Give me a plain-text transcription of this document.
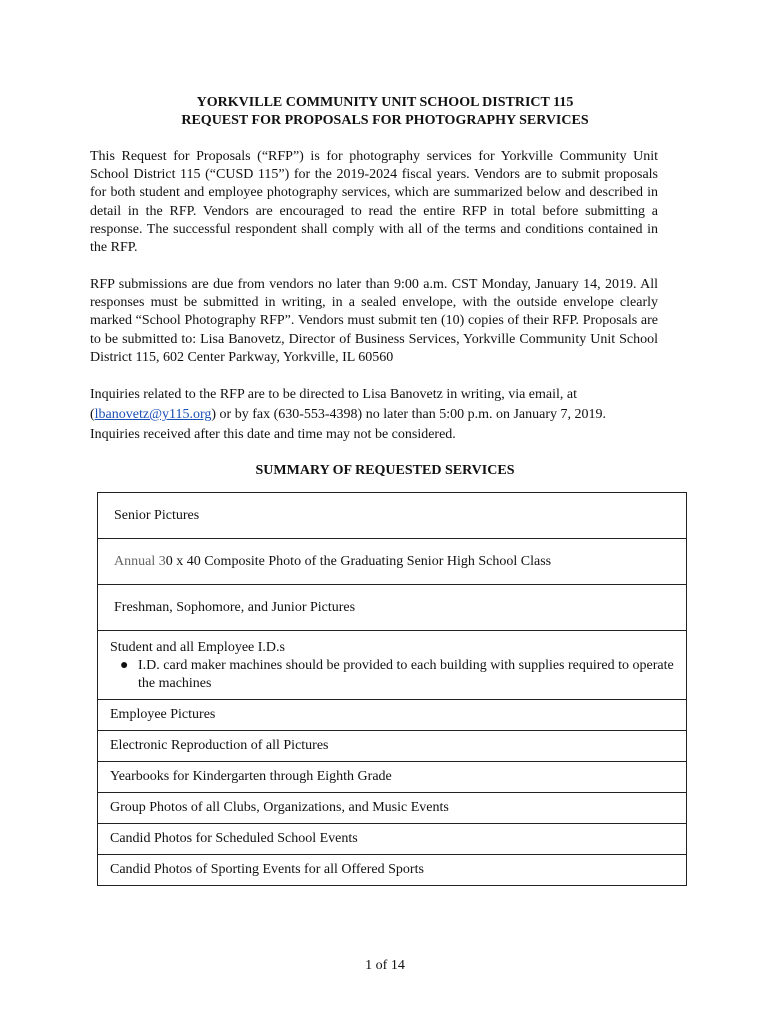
YORKVILLE COMMUNITY UNIT SCHOOL DISTRICT 115
REQUEST FOR PROPOSALS FOR PHOTOGRAPHY SERVICES
This Request for Proposals (“RFP”) is for photography services for Yorkville Community Unit School District 115 (“CUSD 115”) for the 2019-2024 fiscal years. Vendors are to submit proposals for both student and employee photography services, which are summarized below and described in detail in the RFP. Vendors are encouraged to read the entire RFP in total before submitting a response. The successful respondent shall comply with all of the terms and conditions contained in the RFP.
RFP submissions are due from vendors no later than 9:00 a.m. CST Monday, January 14, 2019. All responses must be submitted in writing, in a sealed envelope, with the outside envelope clearly marked “School Photography RFP”. Vendors must submit ten (10) copies of their RFP. Proposals are to be submitted to: Lisa Banovetz, Director of Business Services, Yorkville Community Unit School District 115, 602 Center Parkway, Yorkville, IL 60560
Inquiries related to the RFP are to be directed to Lisa Banovetz in writing, via email, at (lbanovetz@y115.org) or by fax (630-553-4398) no later than 5:00 p.m. on January 7, 2019. Inquiries received after this date and time may not be considered.
SUMMARY OF REQUESTED SERVICES
Senior Pictures
Annual 30 x 40 Composite Photo of the Graduating Senior High School Class
Freshman, Sophomore, and Junior Pictures

Student and all Employee I.D.s
● I.D. card maker machines should be provided to each building with supplies required to operate the machines

Employee Pictures
Electronic Reproduction of all Pictures
Yearbooks for Kindergarten through Eighth Grade
Group Photos of all Clubs, Organizations, and Music Events
Candid Photos for Scheduled School Events
Candid Photos of Sporting Events for all Offered Sports
1 of 14
